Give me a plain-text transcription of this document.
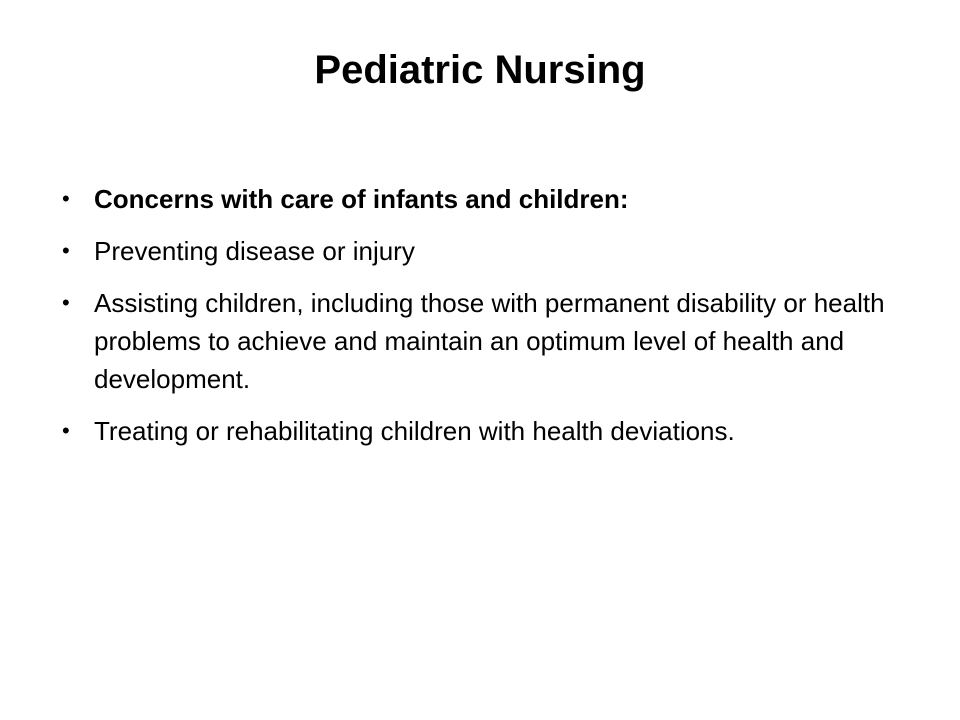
Pediatric Nursing
• Concerns with care of infants and children:
• Preventing disease or injury
• Assisting children, including those with permanent disability or health problems to achieve and maintain an optimum level of health and development.
• Treating or rehabilitating children with health deviations.
